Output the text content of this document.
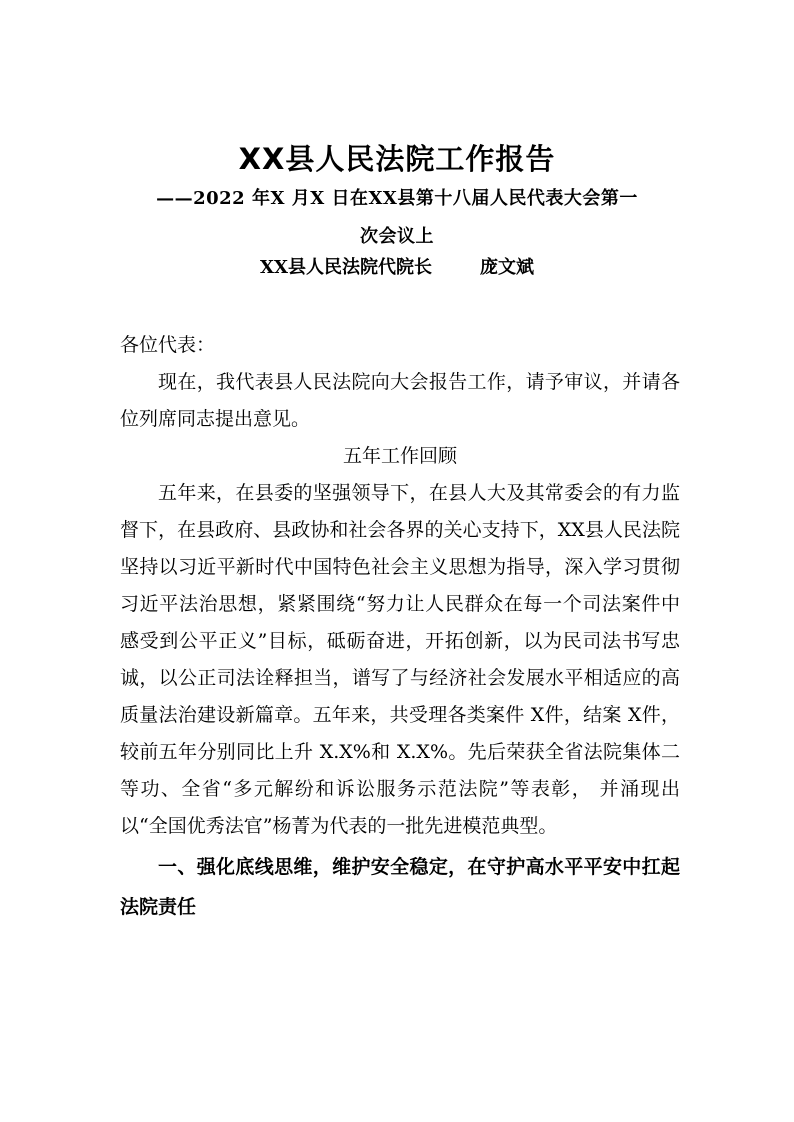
XX县人民法院工作报告
——2022 年X 月X 日在XX县第十八届人民代表大会第一次会议上
XX县人民法院代院长	庞文斌

各位代表：

现在，我代表县人民法院向大会报告工作，请予审议，并请各位列席同志提出意见。

五年工作回顾

五年来，在县委的坚强领导下，在县人大及其常委会的有力监督下，在县政府、县政协和社会各界的关心支持下，XX县人民法院坚持以习近平新时代中国特色社会主义思想为指导，深入学习贯彻习近平法治思想，紧紧围绕“努力让人民群众在每一个司法案件中感受到公平正义”目标，砥砺奋进，开拓创新，以为民司法书写忠诚，以公正司法诠释担当，谱写了与经济社会发展水平相适应的高质量法治建设新篇章。五年来，共受理各类案件 X件，结案 X件，较前五年分别同比上升 X.X%和 X.X%。先后荣获全省法院集体二等功、全省“多元解纷和诉讼服务示范法院”等表彰， 并涌现出以“全国优秀法官”杨菁为代表的一批先进模范典型。

一、强化底线思维，维护安全稳定，在守护高水平平安中扛起法院责任
